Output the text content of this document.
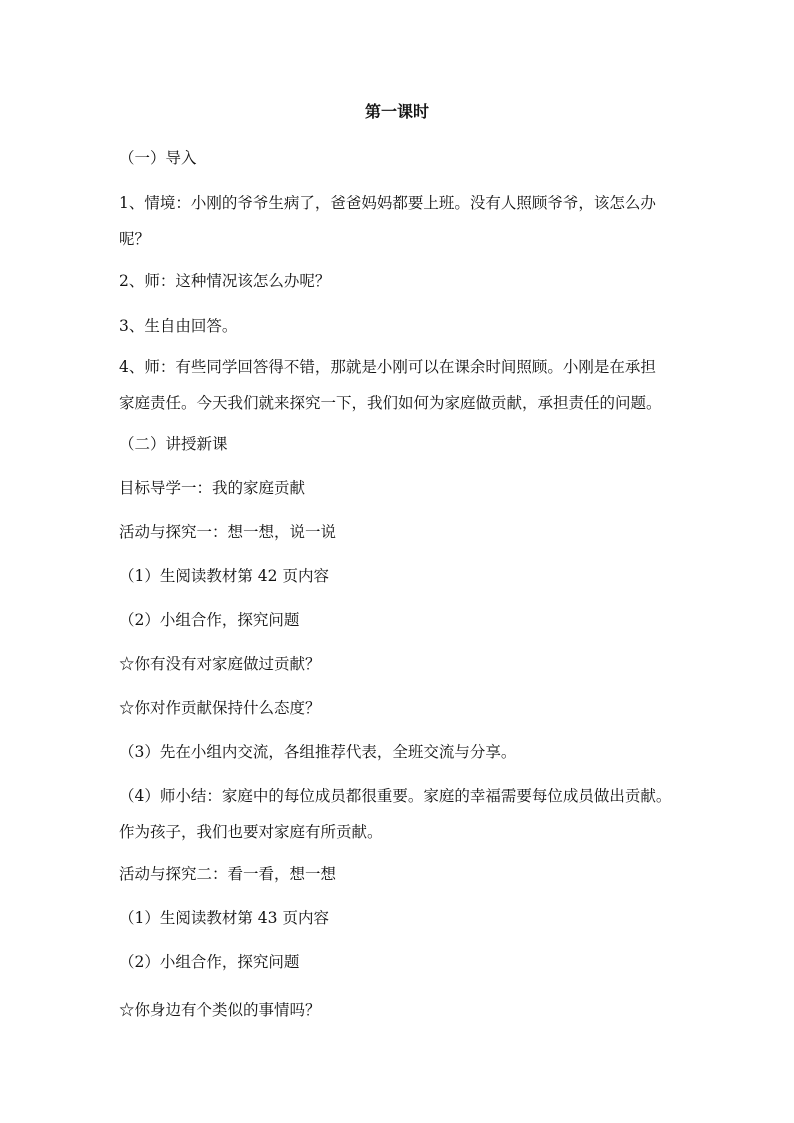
第一课时
（一）导入
1、情境：小刚的爷爷生病了，爸爸妈妈都要上班。没有人照顾爷爷，该怎么办
呢？
2、师：这种情况该怎么办呢？
3、生自由回答。
4、师：有些同学回答得不错，那就是小刚可以在课余时间照顾。小刚是在承担
家庭责任。今天我们就来探究一下，我们如何为家庭做贡献，承担责任的问题。
（二）讲授新课
目标导学一：我的家庭贡献
活动与探究一：想一想，说一说
（1）生阅读教材第 42 页内容
（2）小组合作，探究问题
☆你有没有对家庭做过贡献？
☆你对作贡献保持什么态度？
（3）先在小组内交流，各组推荐代表，全班交流与分享。
（4）师小结：家庭中的每位成员都很重要。家庭的幸福需要每位成员做出贡献。
作为孩子，我们也要对家庭有所贡献。
活动与探究二：看一看，想一想
（1）生阅读教材第 43 页内容
（2）小组合作，探究问题
☆你身边有个类似的事情吗？
